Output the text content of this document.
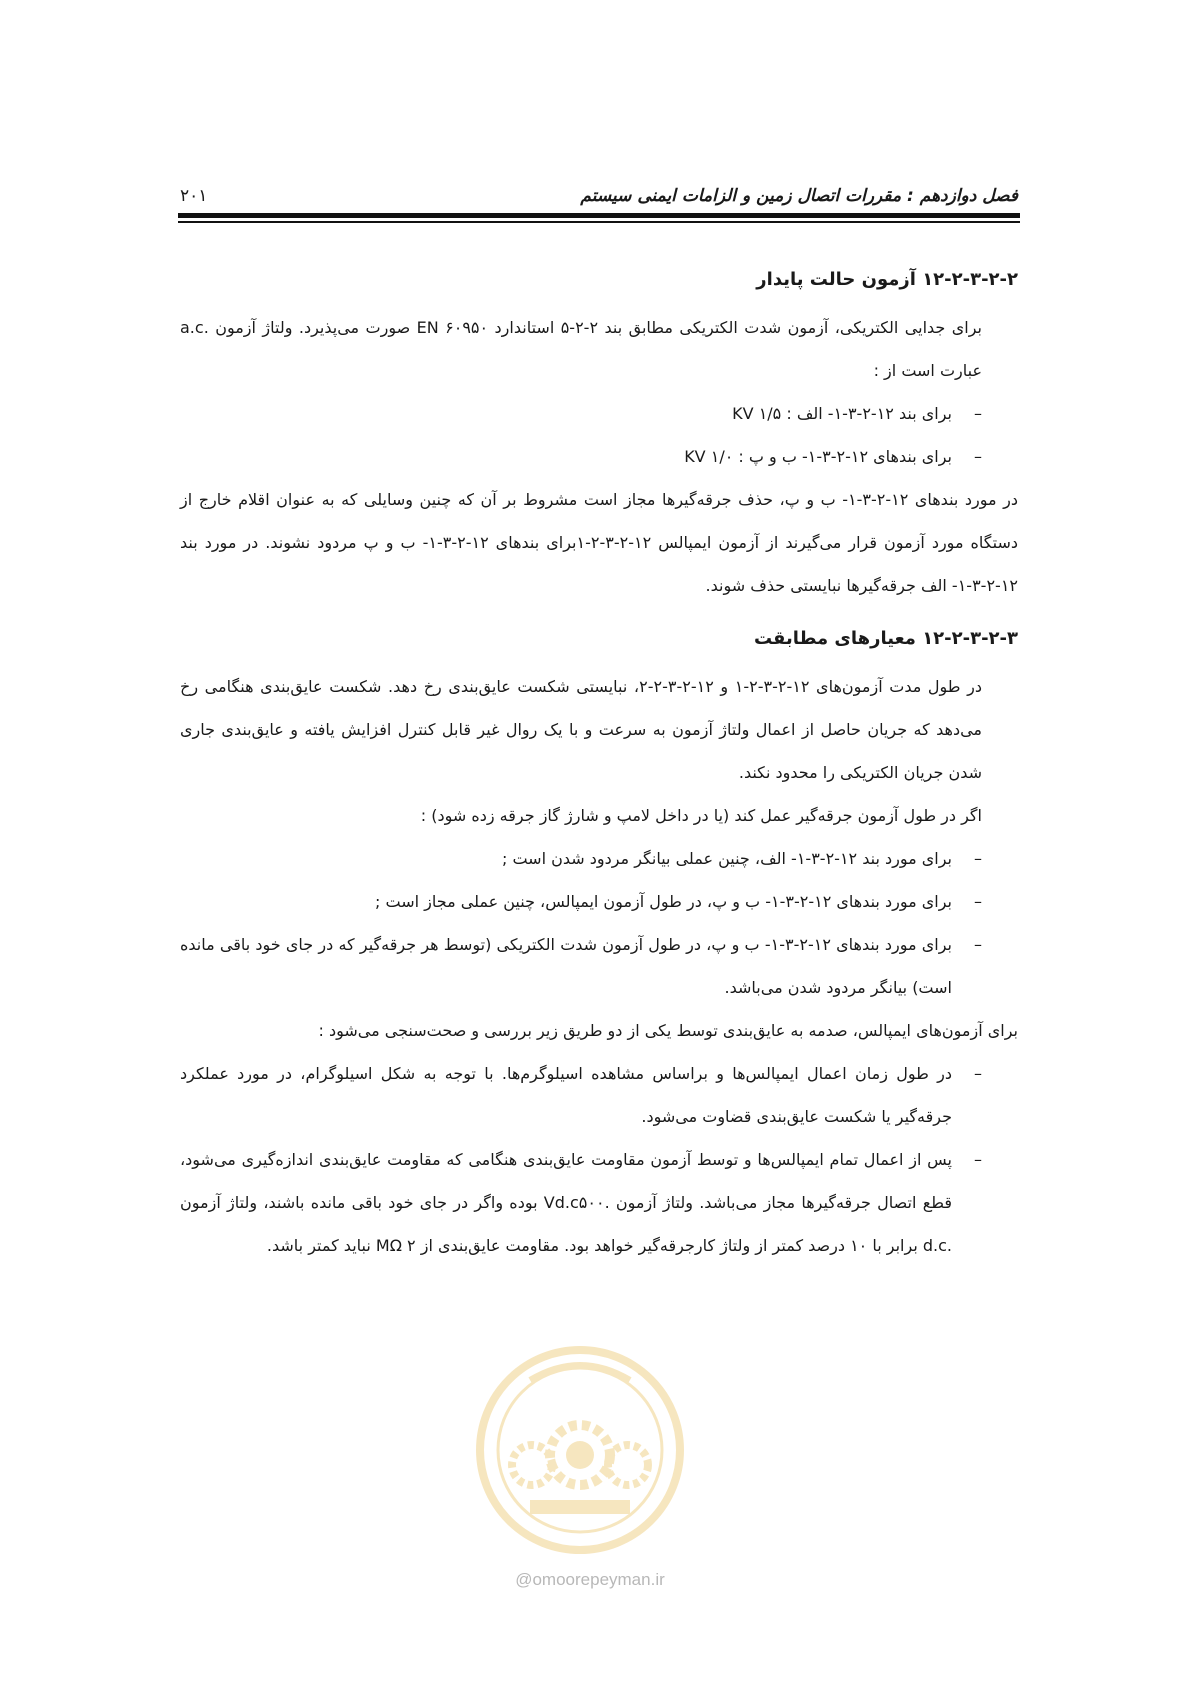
فصل دوازدهم : مقررات اتصال زمین و الزامات ایمنی سیستم
۲۰۱
۱۲-۲-۳-۲-۲ آزمون حالت پایدار

برای جدایی الکتریکی، آزمون شدت الکتریکی مطابق بند ۲-۲-۵ استاندارد EN ۶۰۹۵۰ صورت می‌پذیرد. ولتاژ آزمون .a.c عبارت است از :

–
برای بند ۱۲-۲-۳-۱- الف : ۱/۵ KV
–
برای بندهای ۱۲-۲-۳-۱- ب و پ : ۱/۰ KV

در مورد بندهای ۱۲-۲-۳-۱- ب و پ، حذف جرقه‌گیرها مجاز است مشروط بر آن که چنین وسایلی که به عنوان اقلام خارج از دستگاه مورد آزمون قرار می‌گیرند از آزمون ایمپالس ۱۲-۲-۳-۲-۱برای بندهای ۱۲-۲-۳-۱- ب و پ مردود نشوند. در مورد بند ۱۲-۲-۳-۱- الف جرقه‌گیرها نبایستی حذف شوند.

۱۲-۲-۳-۲-۳ معیارهای مطابقت

در طول مدت آزمون‌های ۱۲-۲-۳-۲-۱ و ۱۲-۲-۳-۲-۲، نبایستی شکست عایق‌بندی رخ دهد. شکست عایق‌بندی هنگامی رخ می‌دهد که جریان حاصل از اعمال ولتاژ آزمون به سرعت و با یک روال غیر قابل کنترل افزایش یافته و عایق‌بندی جاری شدن جریان الکتریکی را محدود نکند.

اگر در طول آزمون جرقه‌گیر عمل کند (یا در داخل لامپ و شارژ گاز جرقه زده شود) :

–
برای مورد بند ۱۲-۲-۳-۱- الف، چنین عملی بیانگر مردود شدن است ;
–
برای مورد بندهای ۱۲-۲-۳-۱- ب و پ، در طول آزمون ایمپالس، چنین عملی مجاز است ;
–
برای مورد بندهای ۱۲-۲-۳-۱- ب و پ، در طول آزمون شدت الکتریکی (توسط هر جرقه‌گیر که در جای خود باقی مانده است) بیانگر مردود شدن می‌باشد.

برای آزمون‌های ایمپالس، صدمه به عایق‌بندی توسط یکی از دو طریق زیر بررسی و صحت‌سنجی می‌شود :

–
در طول زمان اعمال ایمپالس‌ها و براساس مشاهده اسیلوگرم‌ها. با توجه به شکل اسیلوگرام، در مورد عملکرد جرقه‌گیر یا شکست عایق‌بندی قضاوت می‌شود.
–
پس از اعمال تمام ایمپالس‌ها و توسط آزمون مقاومت عایق‌بندی هنگامی که مقاومت عایق‌بندی اندازه‌گیری می‌شود، قطع اتصال جرقه‌گیرها مجاز می‌باشد. ولتاژ آزمون .Vd.c۵۰۰ بوده واگر در جای خود باقی مانده باشند، ولتاژ آزمون .d.c برابر با ۱۰ درصد کمتر از ولتاژ کارجرقه‌گیر خواهد بود. مقاومت عایق‌بندی از MΩ ۲ نباید کمتر باشد.
@omoorepeyman.ir
